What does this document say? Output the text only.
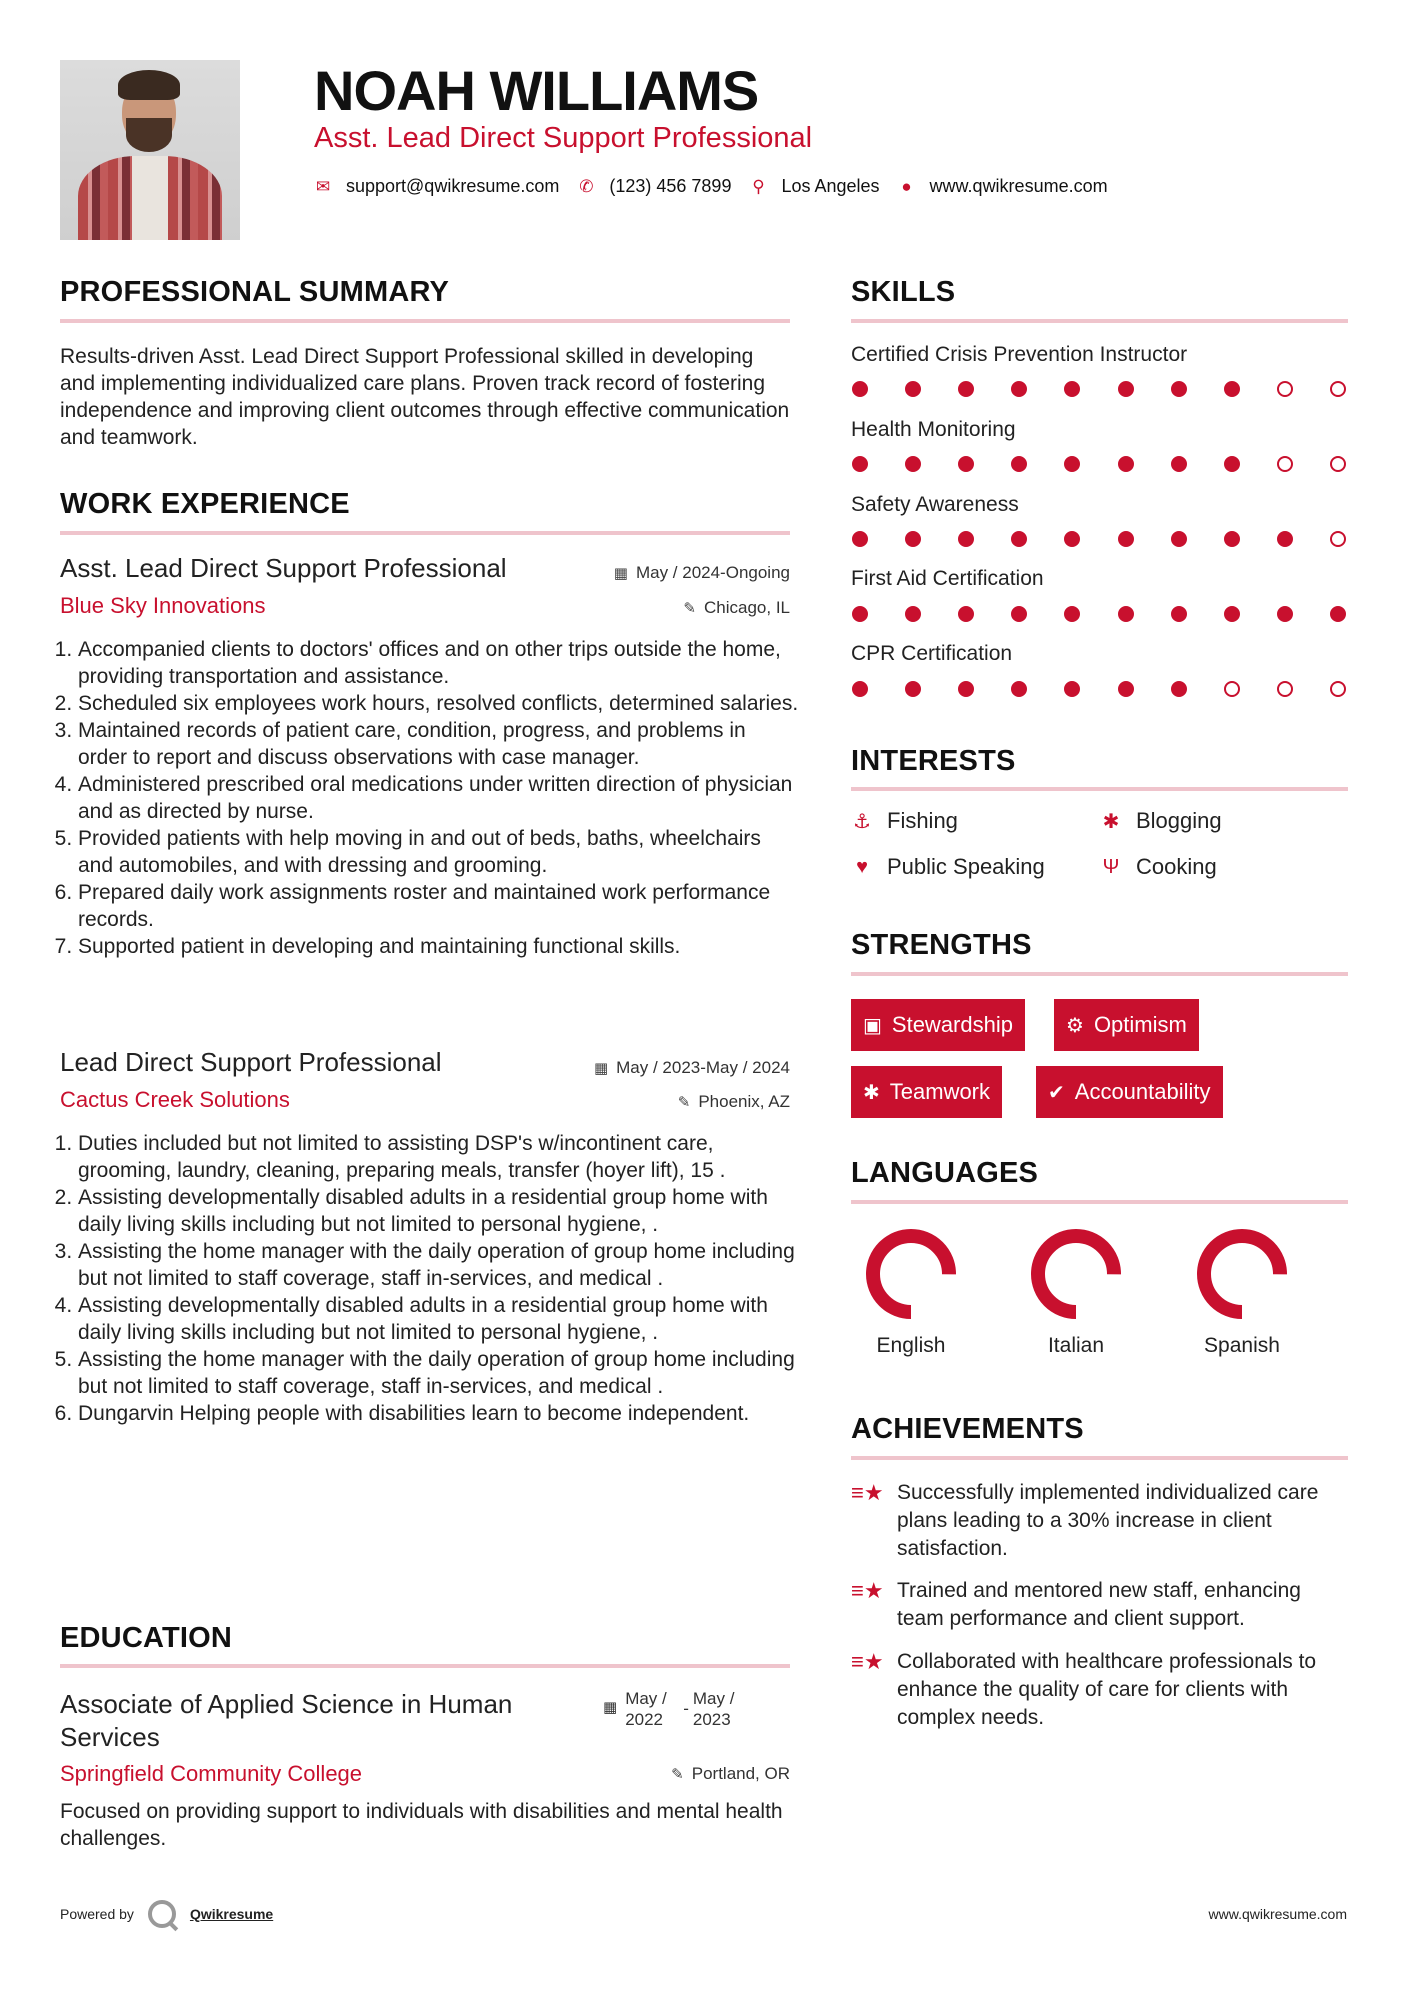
NOAH WILLIAMS
Asst. Lead Direct Support Professional
✉ support@qwikresume.com ✆ (123) 456 7899 ⚲ Los Angeles ● www.qwikresume.com
PROFESSIONAL SUMMARY
Results-driven Asst. Lead Direct Support Professional skilled in developing and implementing individualized care plans. Proven track record of fostering independence and improving client outcomes through effective communication and teamwork.
WORK EXPERIENCE
Asst. Lead Direct Support Professional	▦ May / 2024-Ongoing
Blue Sky Innovations	✎ Chicago, IL
1. Accompanied clients to doctors' offices and on other trips outside the home, providing transportation and assistance.
2. Scheduled six employees work hours, resolved conflicts, determined salaries.
3. Maintained records of patient care, condition, progress, and problems in order to report and discuss observations with case manager.
4. Administered prescribed oral medications under written direction of physician and as directed by nurse.
5. Provided patients with help moving in and out of beds, baths, wheelchairs and automobiles, and with dressing and grooming.
6. Prepared daily work assignments roster and maintained work performance records.
7. Supported patient in developing and maintaining functional skills.
Lead Direct Support Professional	▦ May / 2023-May / 2024
Cactus Creek Solutions	✎ Phoenix, AZ
1. Duties included but not limited to assisting DSP's w/incontinent care, grooming, laundry, cleaning, preparing meals, transfer (hoyer lift), 15 .
2. Assisting developmentally disabled adults in a residential group home with daily living skills including but not limited to personal hygiene, .
3. Assisting the home manager with the daily operation of group home including but not limited to staff coverage, staff in-services, and medical .
4. Assisting developmentally disabled adults in a residential group home with daily living skills including but not limited to personal hygiene, .
5. Assisting the home manager with the daily operation of group home including but not limited to staff coverage, staff in-services, and medical .
6. Dungarvin Helping people with disabilities learn to become independent.
EDUCATION
Associate of Applied Science in Human Services
▦ May / 2022
-
May / 2023
Springfield Community College	✎ Portland, OR
Focused on providing support to individuals with disabilities and mental health challenges.
SKILLS
Certified Crisis Prevention Instructor
Health Monitoring
Safety Awareness
First Aid Certification
CPR Certification
INTERESTS
⚓ Fishing	✱ Blogging
♥ Public Speaking	Ψ Cooking
STRENGTHS
▣ Stewardship	⚙ Optimism
✱ Teamwork	✔ Accountability
LANGUAGES
English	Italian	Spanish
ACHIEVEMENTS
≡★ Successfully implemented individualized care plans leading to a 30% increase in client satisfaction.
≡★ Trained and mentored new staff, enhancing team performance and client support.
≡★ Collaborated with healthcare professionals to enhance the quality of care for clients with complex needs.
Powered by	Qwikresume	www.qwikresume.com
